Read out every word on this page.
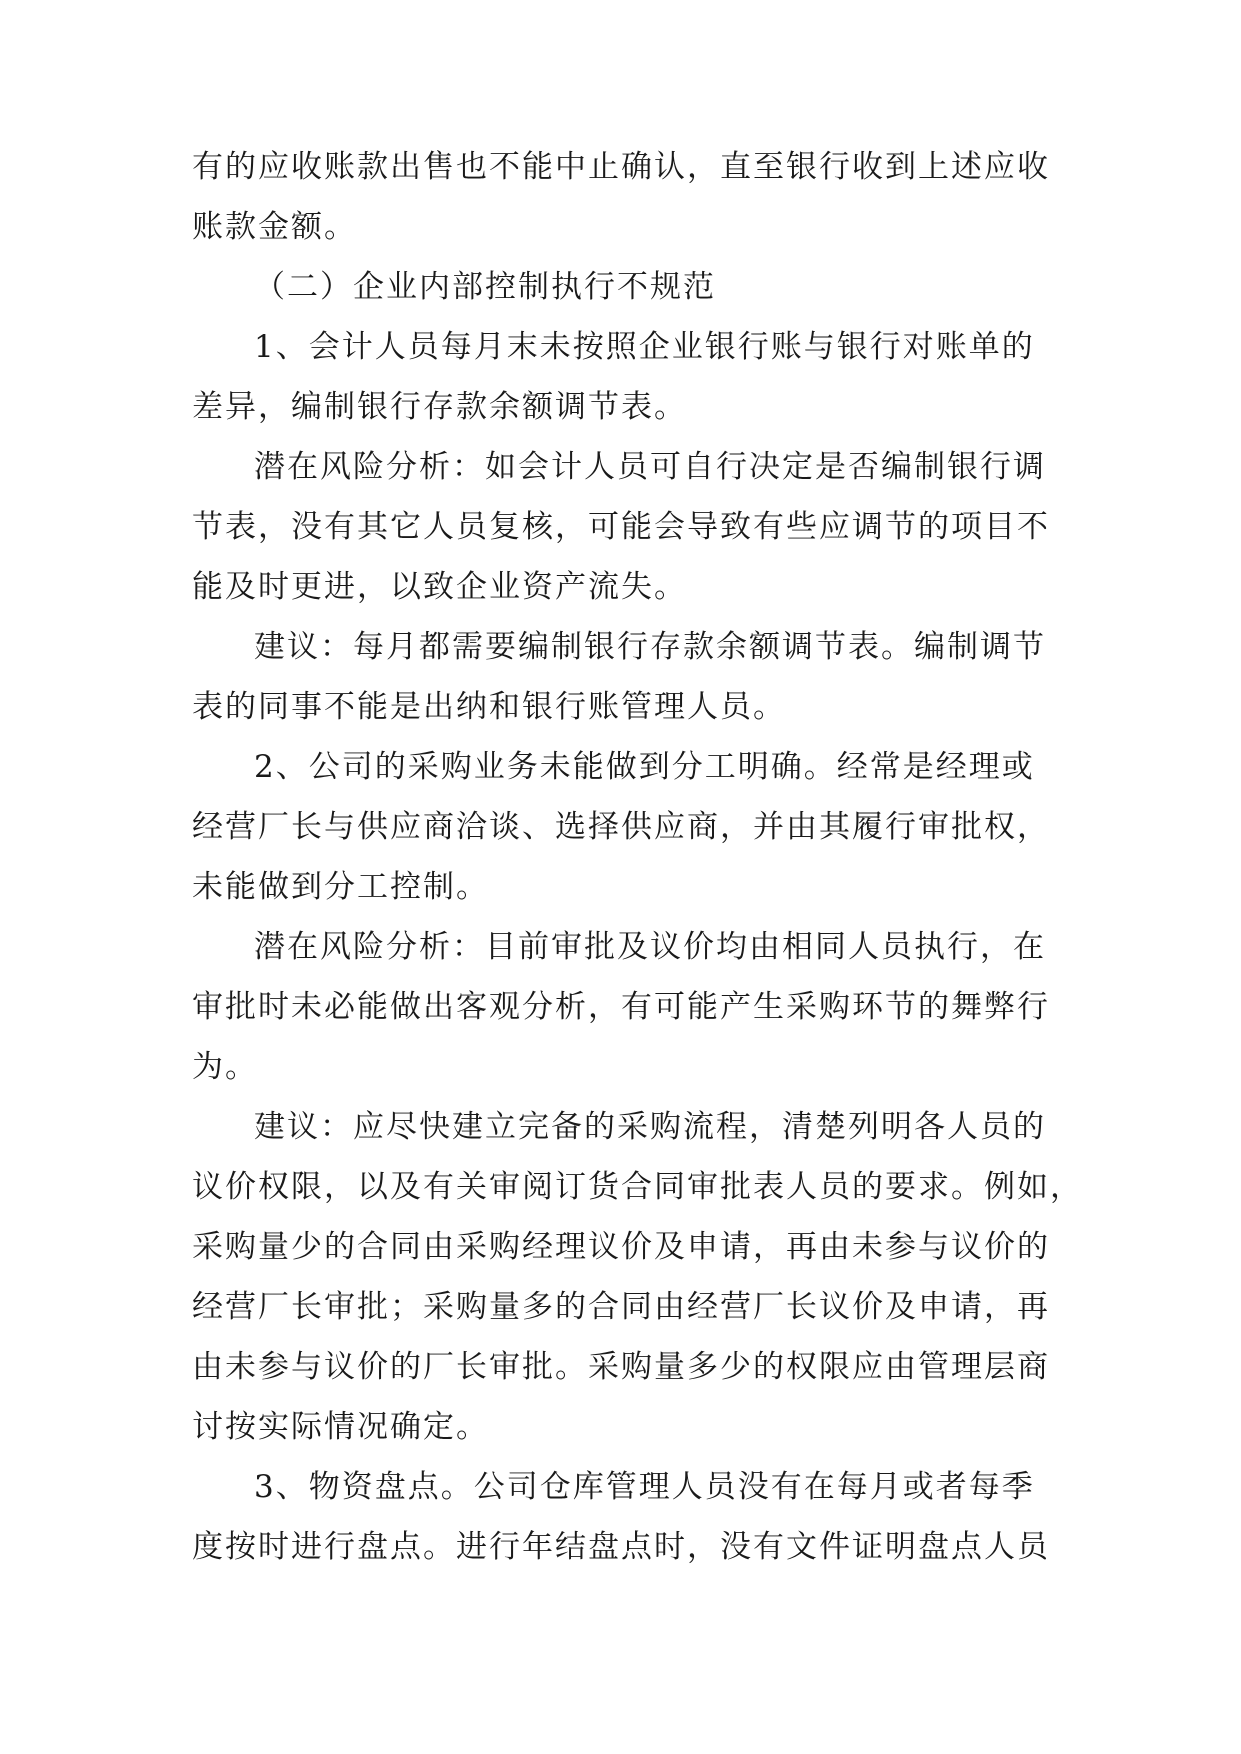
有的应收账款出售也不能中止确认，直至银行收到上述应收
账款金额。
（二）企业内部控制执行不规范
1、会计人员每月末未按照企业银行账与银行对账单的
差异，编制银行存款余额调节表。
潜在风险分析：如会计人员可自行决定是否编制银行调
节表，没有其它人员复核，可能会导致有些应调节的项目不
能及时更进，以致企业资产流失。
建议：每月都需要编制银行存款余额调节表。编制调节
表的同事不能是出纳和银行账管理人员。
2、公司的采购业务未能做到分工明确。经常是经理或
经营厂长与供应商洽谈、选择供应商，并由其履行审批权，
未能做到分工控制。
潜在风险分析：目前审批及议价均由相同人员执行，在
审批时未必能做出客观分析，有可能产生采购环节的舞弊行
为。
建议：应尽快建立完备的采购流程，清楚列明各人员的
议价权限，以及有关审阅订货合同审批表人员的要求。例如，
采购量少的合同由采购经理议价及申请，再由未参与议价的
经营厂长审批；采购量多的合同由经营厂长议价及申请，再
由未参与议价的厂长审批。采购量多少的权限应由管理层商
讨按实际情况确定。
3、物资盘点。公司仓库管理人员没有在每月或者每季
度按时进行盘点。进行年结盘点时，没有文件证明盘点人员
